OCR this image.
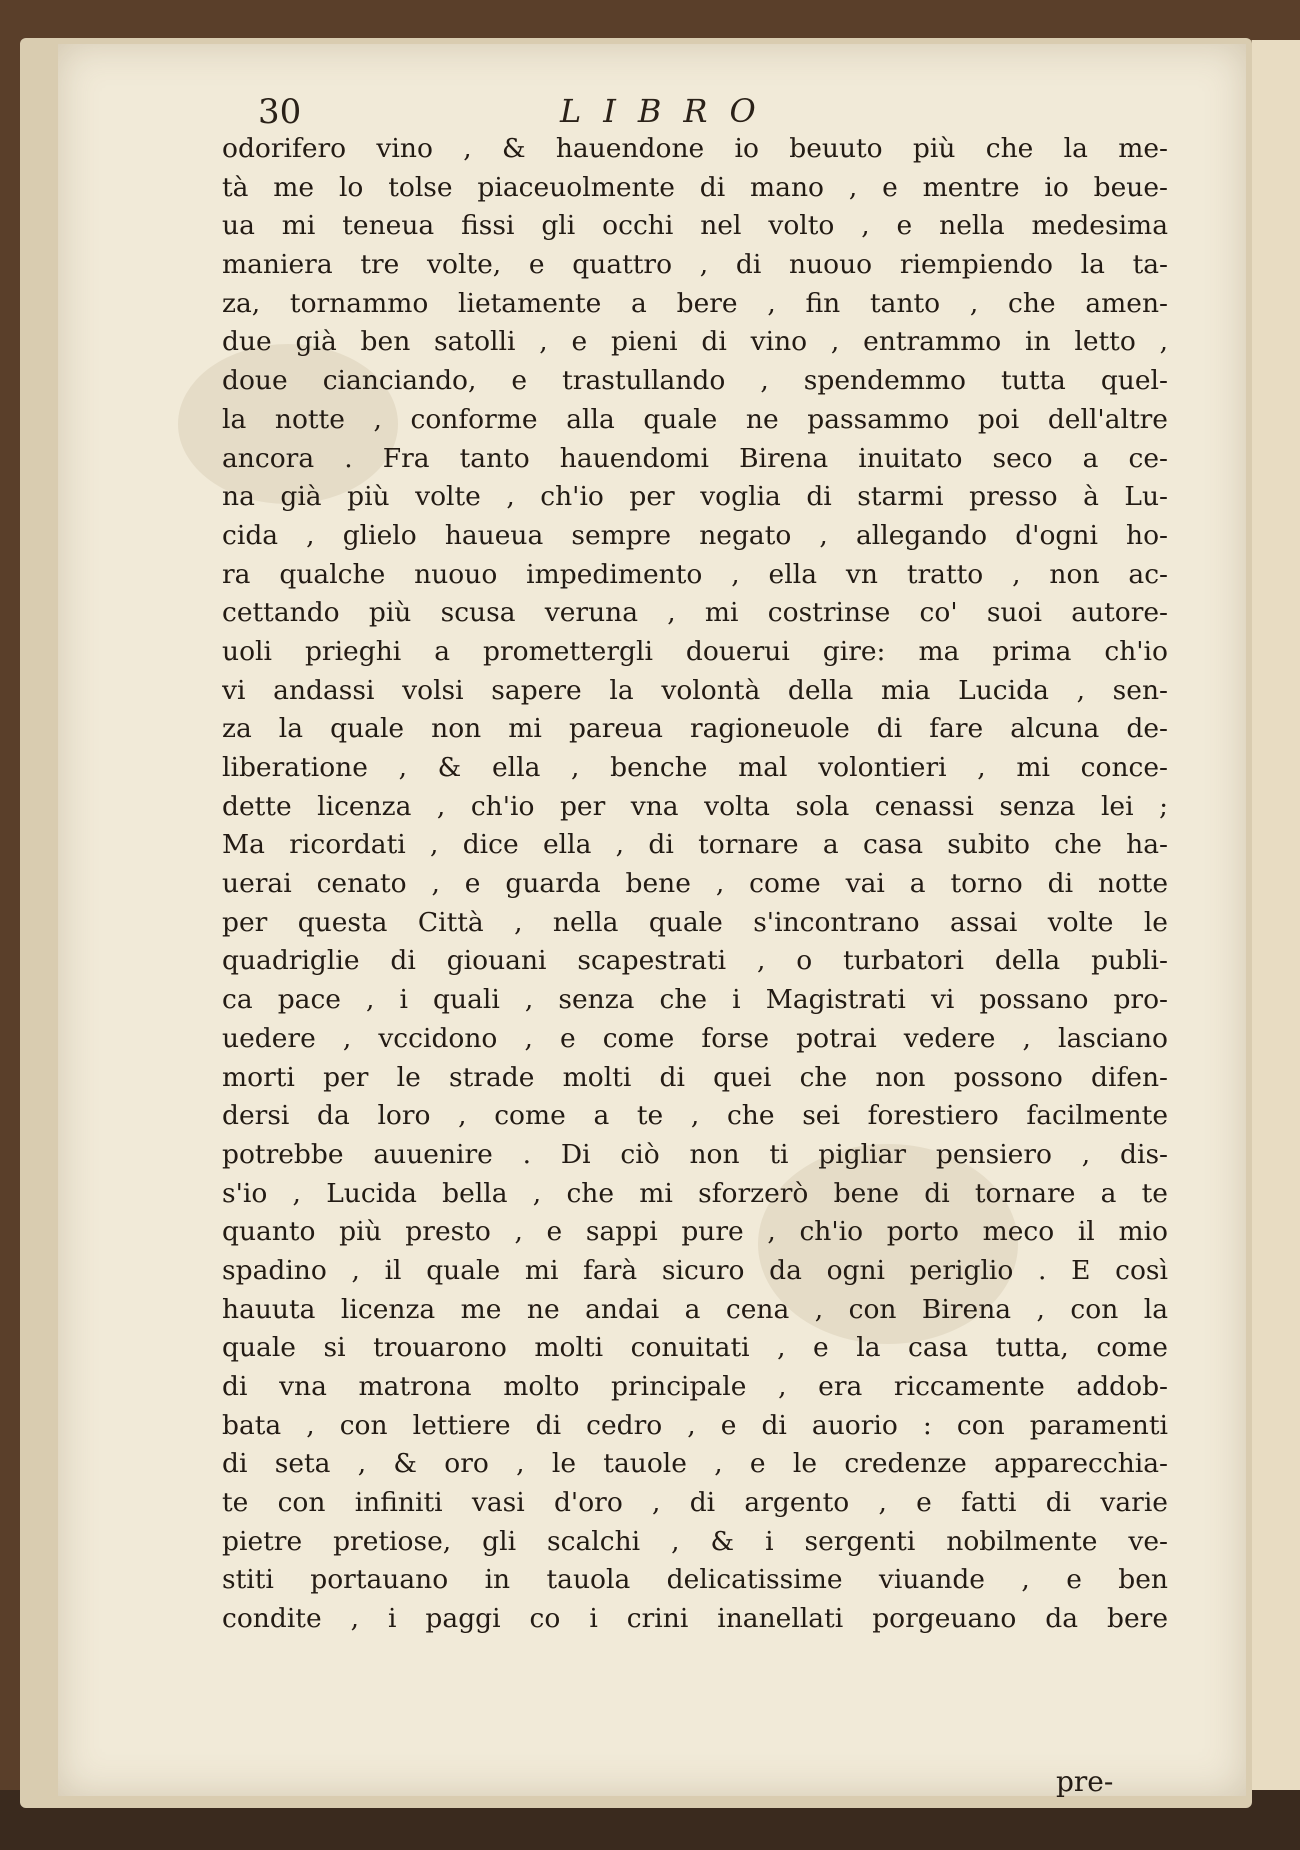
30	LIBRO
odorifero vino , & hauendone io beuuto più che la me-
tà me lo tolse piaceuolmente di mano , e mentre io beue-
ua mi teneua fissi gli occhi nel volto , e nella medesima
maniera tre volte, e quattro , di nuouo riempiendo la ta-
za, tornammo lietamente a bere , fin tanto , che amen-
due già ben satolli , e pieni di vino , entrammo in letto ,
doue cianciando, e trastullando , spendemmo tutta quel-
la notte , conforme alla quale ne passammo poi dell'altre
ancora . Fra tanto hauendomi Birena inuitato seco a ce-
na già più volte , ch'io per voglia di starmi presso à Lu-
cida , glielo haueua sempre negato , allegando d'ogni ho-
ra qualche nuouo impedimento , ella vn tratto , non ac-
cettando più scusa veruna , mi costrinse co' suoi autore-
uoli prieghi a promettergli douerui gire: ma prima ch'io
vi andassi volsi sapere la volontà della mia Lucida , sen-
za la quale non mi pareua ragioneuole di fare alcuna de-
liberatione , & ella , benche mal volontieri , mi conce-
dette licenza , ch'io per vna volta sola cenassi senza lei ;
Ma ricordati , dice ella , di tornare a casa subito che ha-
uerai cenato , e guarda bene , come vai a torno di notte
per questa Città , nella quale s'incontrano assai volte le
quadriglie di giouani scapestrati , o turbatori della publi-
ca pace , i quali , senza che i Magistrati vi possano pro-
uedere , vccidono , e come forse potrai vedere , lasciano
morti per le strade molti di quei che non possono difen-
dersi da loro , come a te , che sei forestiero facilmente
potrebbe auuenire . Di ciò non ti pigliar pensiero , dis-
s'io , Lucida bella , che mi sforzerò bene di tornare a te
quanto più presto , e sappi pure , ch'io porto meco il mio
spadino , il quale mi farà sicuro da ogni periglio . E così
hauuta licenza me ne andai a cena , con Birena , con la
quale si trouarono molti conuitati , e la casa tutta, come
di vna matrona molto principale , era riccamente addob-
bata , con lettiere di cedro , e di auorio : con paramenti
di seta , & oro , le tauole , e le credenze apparecchia-
te con infiniti vasi d'oro , di argento , e fatti di varie
pietre pretiose, gli scalchi , & i sergenti nobilmente ve-
stiti portauano in tauola delicatissime viuande , e ben
condite , i paggi co i crini inanellati porgeuano da bere
pre-
